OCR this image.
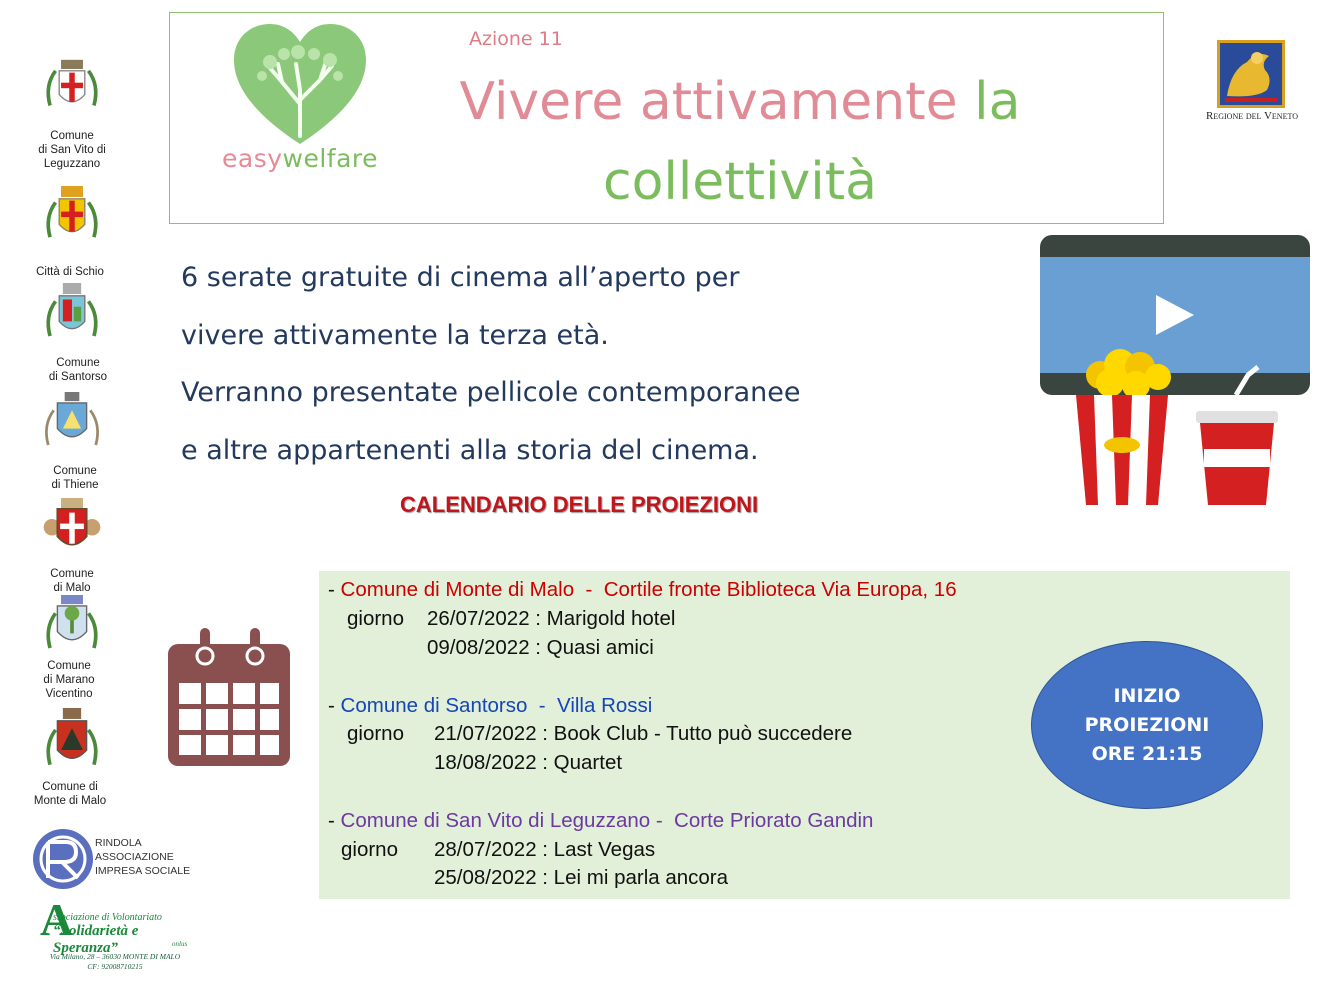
Comune
di San Vito di
Leguzzano
Città di Schio
Comune
di Santorso
Comune
di Thiene
Comune
di Malo
Comune
di Marano
Vicentino
Comune di
Monte di Malo
easywelfare
Azione 11
Vivere attivamente la
collettività
Regione del Veneto
6 serate gratuite di cinema all’aperto per
vivere attivamente la terza età.
Verranno presentate pellicole contemporanee
e altre appartenenti alla storia del cinema.
CALENDARIO DELLE PROIEZIONI
- Comune di Monte di Malo  -  Cortile fronte Biblioteca Via Europa, 16
giorno 26/07/2022 : Marigold hotel
09/08/2022 : Quasi amici
- Comune di Santorso  -  Villa Rossi
giorno 21/07/2022 : Book Club - Tutto può succedere
18/08/2022 : Quartet
- Comune di San Vito di Leguzzano -  Corte Priorato Gandin
giorno 28/07/2022 : Last Vegas
25/08/2022 : Lei mi parla ancora
INIZIO
PROIEZIONI
ORE 21:15
RINDOLA
ASSOCIAZIONE
IMPRESA SOCIALE
A
ssociazione di Volontariato
“Solidarietà e Speranza”	onlus
Via Milano, 28 – 36030 MONTE DI MALO
CF: 92008710215
